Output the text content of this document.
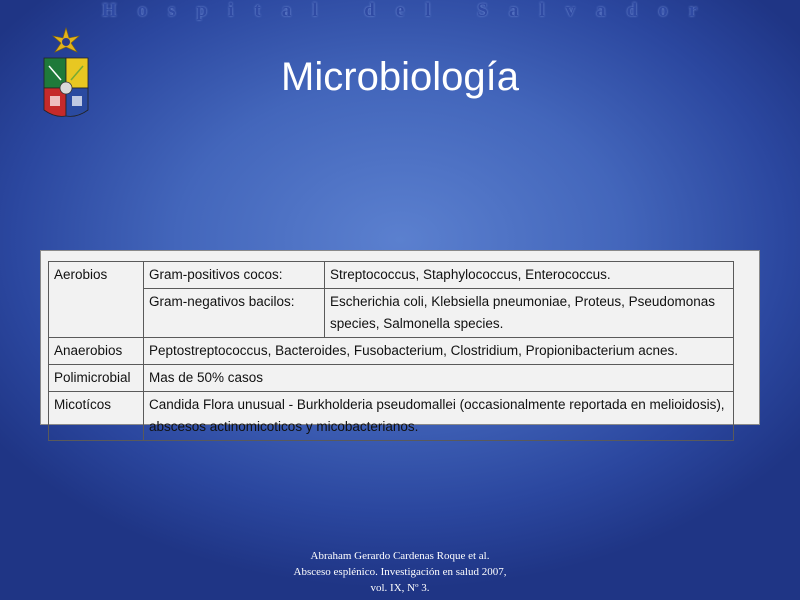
Hospital del Salvador
Microbiología
Aerobios	Gram-positivos cocos:	Streptococcus, Staphylococcus, Enterococcus.
	Gram-negativos bacilos:	Escherichia coli, Klebsiella pneumoniae, Proteus, Pseudomonas species, Salmonella species.
Anaerobios	Peptostreptococcus, Bacteroides, Fusobacterium, Clostridium, Propionibacterium acnes.	
Polimicrobial	Mas de 50% casos	
Micotícos	Candida Flora unusual - Burkholderia pseudomallei (occasionalmente reportada en melioidosis), abscesos actinomicoticos y micobacterianos.	
Abraham Gerardo Cardenas Roque et al.
Absceso esplénico. Investigación en salud 2007,
vol. IX, Nº 3.
